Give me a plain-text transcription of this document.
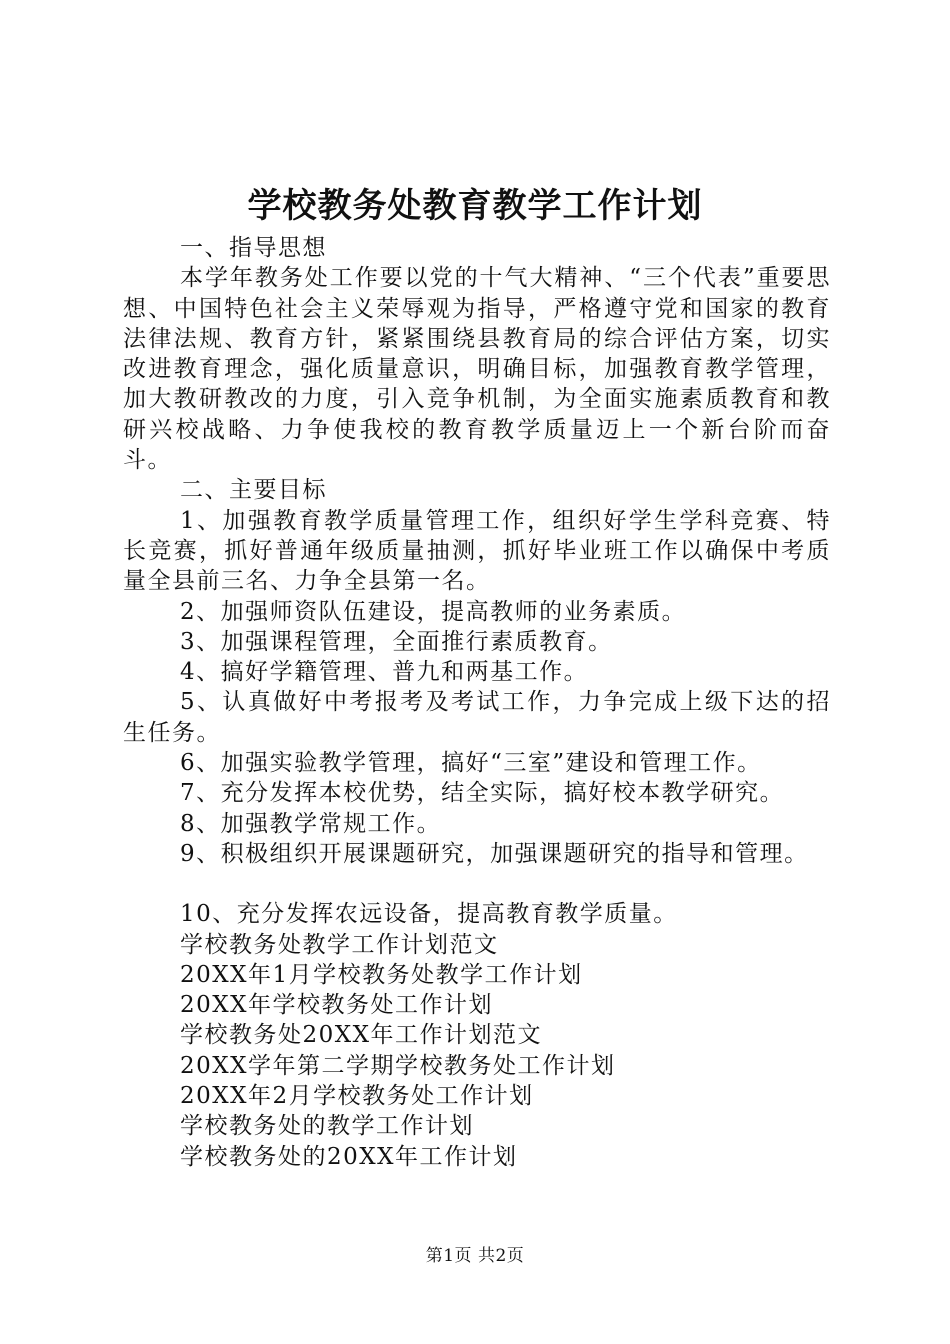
学校教务处教育教学工作计划

一、指导思想

本学年教务处工作要以党的十气大精神、“三个代表”重要思想、中国特色社会主义荣辱观为指导，严格遵守党和国家的教育法律法规、教育方针，紧紧围绕县教育局的综合评估方案，切实改进教育理念，强化质量意识，明确目标，加强教育教学管理，加大教研教改的力度，引入竞争机制，为全面实施素质教育和教研兴校战略、力争使我校的教育教学质量迈上一个新台阶而奋斗。

二、主要目标

1、加强教育教学质量管理工作，组织好学生学科竞赛、特长竞赛，抓好普通年级质量抽测，抓好毕业班工作以确保中考质量全县前三名、力争全县第一名。

2、加强师资队伍建设，提高教师的业务素质。

3、加强课程管理，全面推行素质教育。

4、搞好学籍管理、普九和两基工作。

5、认真做好中考报考及考试工作，力争完成上级下达的招生任务。

6、加强实验教学管理，搞好“三室”建设和管理工作。

7、充分发挥本校优势，结全实际，搞好校本教学研究。

8、加强教学常规工作。

9、积极组织开展课题研究，加强课题研究的指导和管理。

10、充分发挥农远设备，提高教育教学质量。

学校教务处教学工作计划范文
20XX年1月学校教务处教学工作计划
20XX年学校教务处工作计划
学校教务处20XX年工作计划范文
20XX学年第二学期学校教务处工作计划
20XX年2月学校教务处工作计划
学校教务处的教学工作计划
学校教务处的20XX年工作计划
第1页 共2页
